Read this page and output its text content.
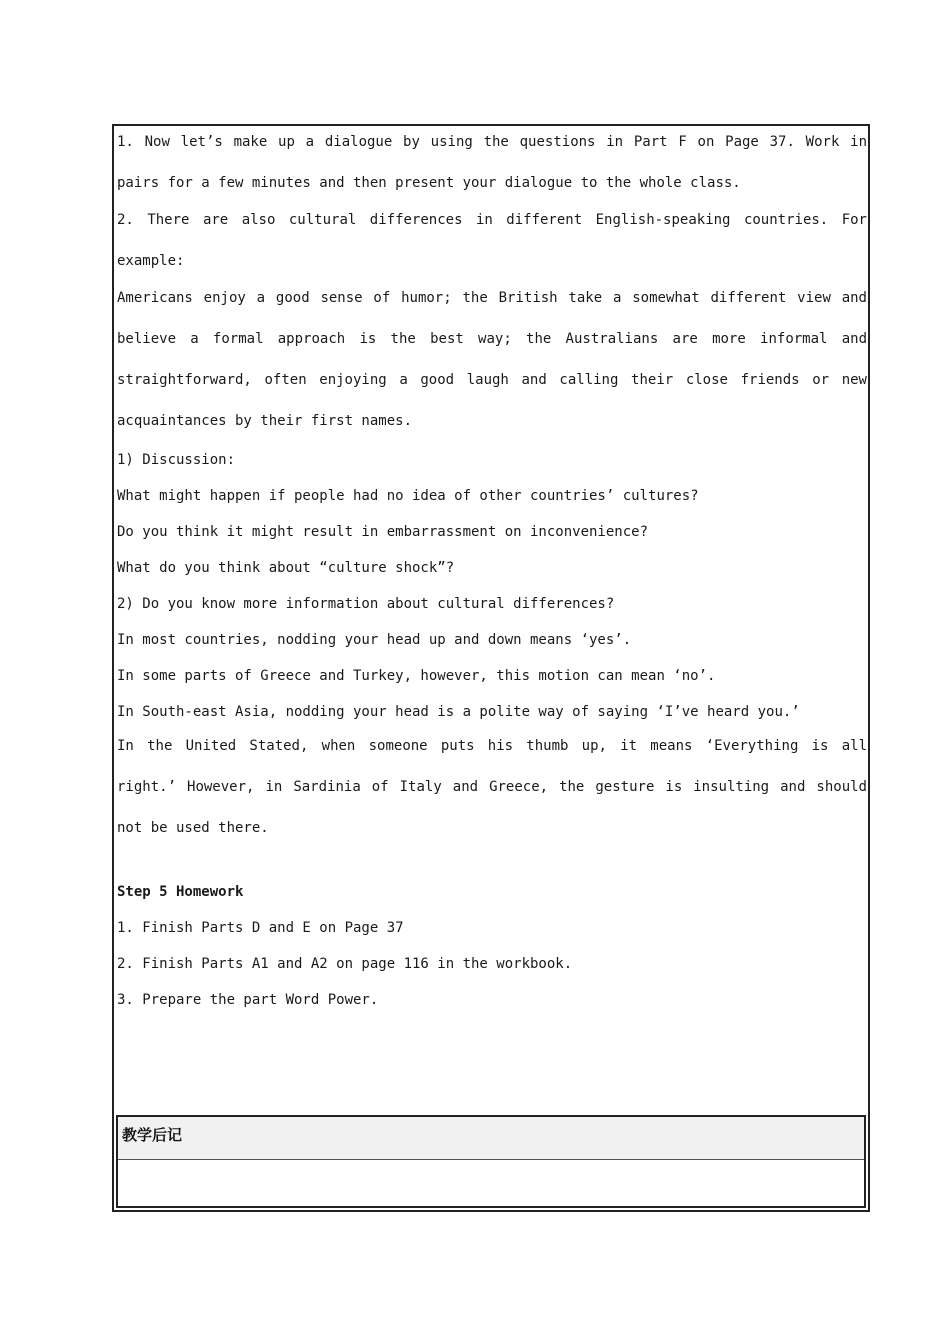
1. Now let’s make up a dialogue by using the questions in Part F on Page 37. Work in pairs for a few minutes and then present your dialogue to the whole class.

2. There are also cultural differences in different English-speaking countries. For example:

Americans enjoy a good sense of humor; the British take a somewhat different view and believe a formal approach is the best way; the Australians are more informal and straightforward, often enjoying a good laugh and calling their close friends or new acquaintances by their first names.

1) Discussion:

What might happen if people had no idea of other countries’ cultures?

Do you think it might result in embarrassment on inconvenience?

What do you think about “culture shock”?

2) Do you know more information about cultural differences?

In most countries, nodding your head up and down means ‘yes’.

In some parts of Greece and Turkey, however, this motion can mean ‘no’.

In South-east Asia, nodding your head is a polite way of saying ‘I’ve heard you.’

In the United Stated, when someone puts his thumb up, it means ‘Everything is all right.’ However, in Sardinia of Italy and Greece, the gesture is insulting and should not be used there.

Step 5 Homework

1. Finish Parts D and E on Page 37

2. Finish Parts A1 and A2 on page 116 in the workbook.

3. Prepare the part Word Power.

教学后记
